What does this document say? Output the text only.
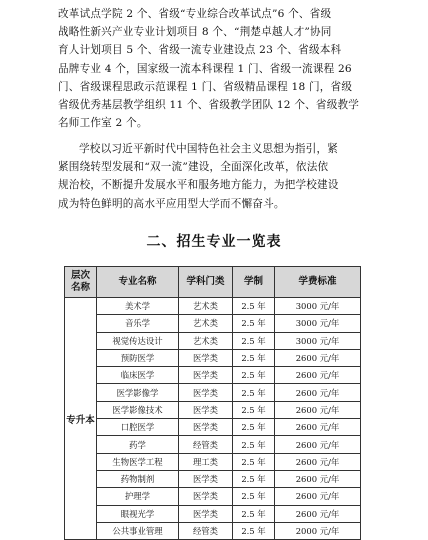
改革试点学院 2 个、省级“专业综合改革试点”6 个、省级
战略性新兴产业专业计划项目 8 个、“荆楚卓越人才”协同
育人计划项目 5 个、省级一流专业建设点 23 个、省级本科
品牌专业 4 个，国家级一流本科课程 1 门、省级一流课程 26
门、省级课程思政示范课程 1 门、省级精品课程 18 门，省级
省级优秀基层教学组织 11 个、省级教学团队 12 个、省级教学
名师工作室 2 个。
学校以习近平新时代中国特色社会主义思想为指引，紧
紧围绕转型发展和“双一流”建设，全面深化改革，依法依
规治校，不断提升发展水平和服务地方能力，为把学校建设
成为特色鲜明的高水平应用型大学而不懈奋斗。
二、招生专业一览表
层次
名称	专业名称	学科门类	学制	学费标准
专升本	美术学	艺术类	2.5 年	3000 元/年
	音乐学	艺术类	2.5 年	3000 元/年
	视觉传达设计	艺术类	2.5 年	3000 元/年
	预防医学	医学类	2.5 年	2600 元/年
	临床医学	医学类	2.5 年	2600 元/年
	医学影像学	医学类	2.5 年	2600 元/年
	医学影像技术	医学类	2.5 年	2600 元/年
	口腔医学	医学类	2.5 年	2600 元/年
	药学	经管类	2.5 年	2600 元/年
	生物医学工程	理工类	2.5 年	2600 元/年
	药物制剂	医学类	2.5 年	2600 元/年
	护理学	医学类	2.5 年	2600 元/年
	眼视光学	医学类	2.5 年	2600 元/年
	公共事业管理	经管类	2.5 年	2000 元/年
